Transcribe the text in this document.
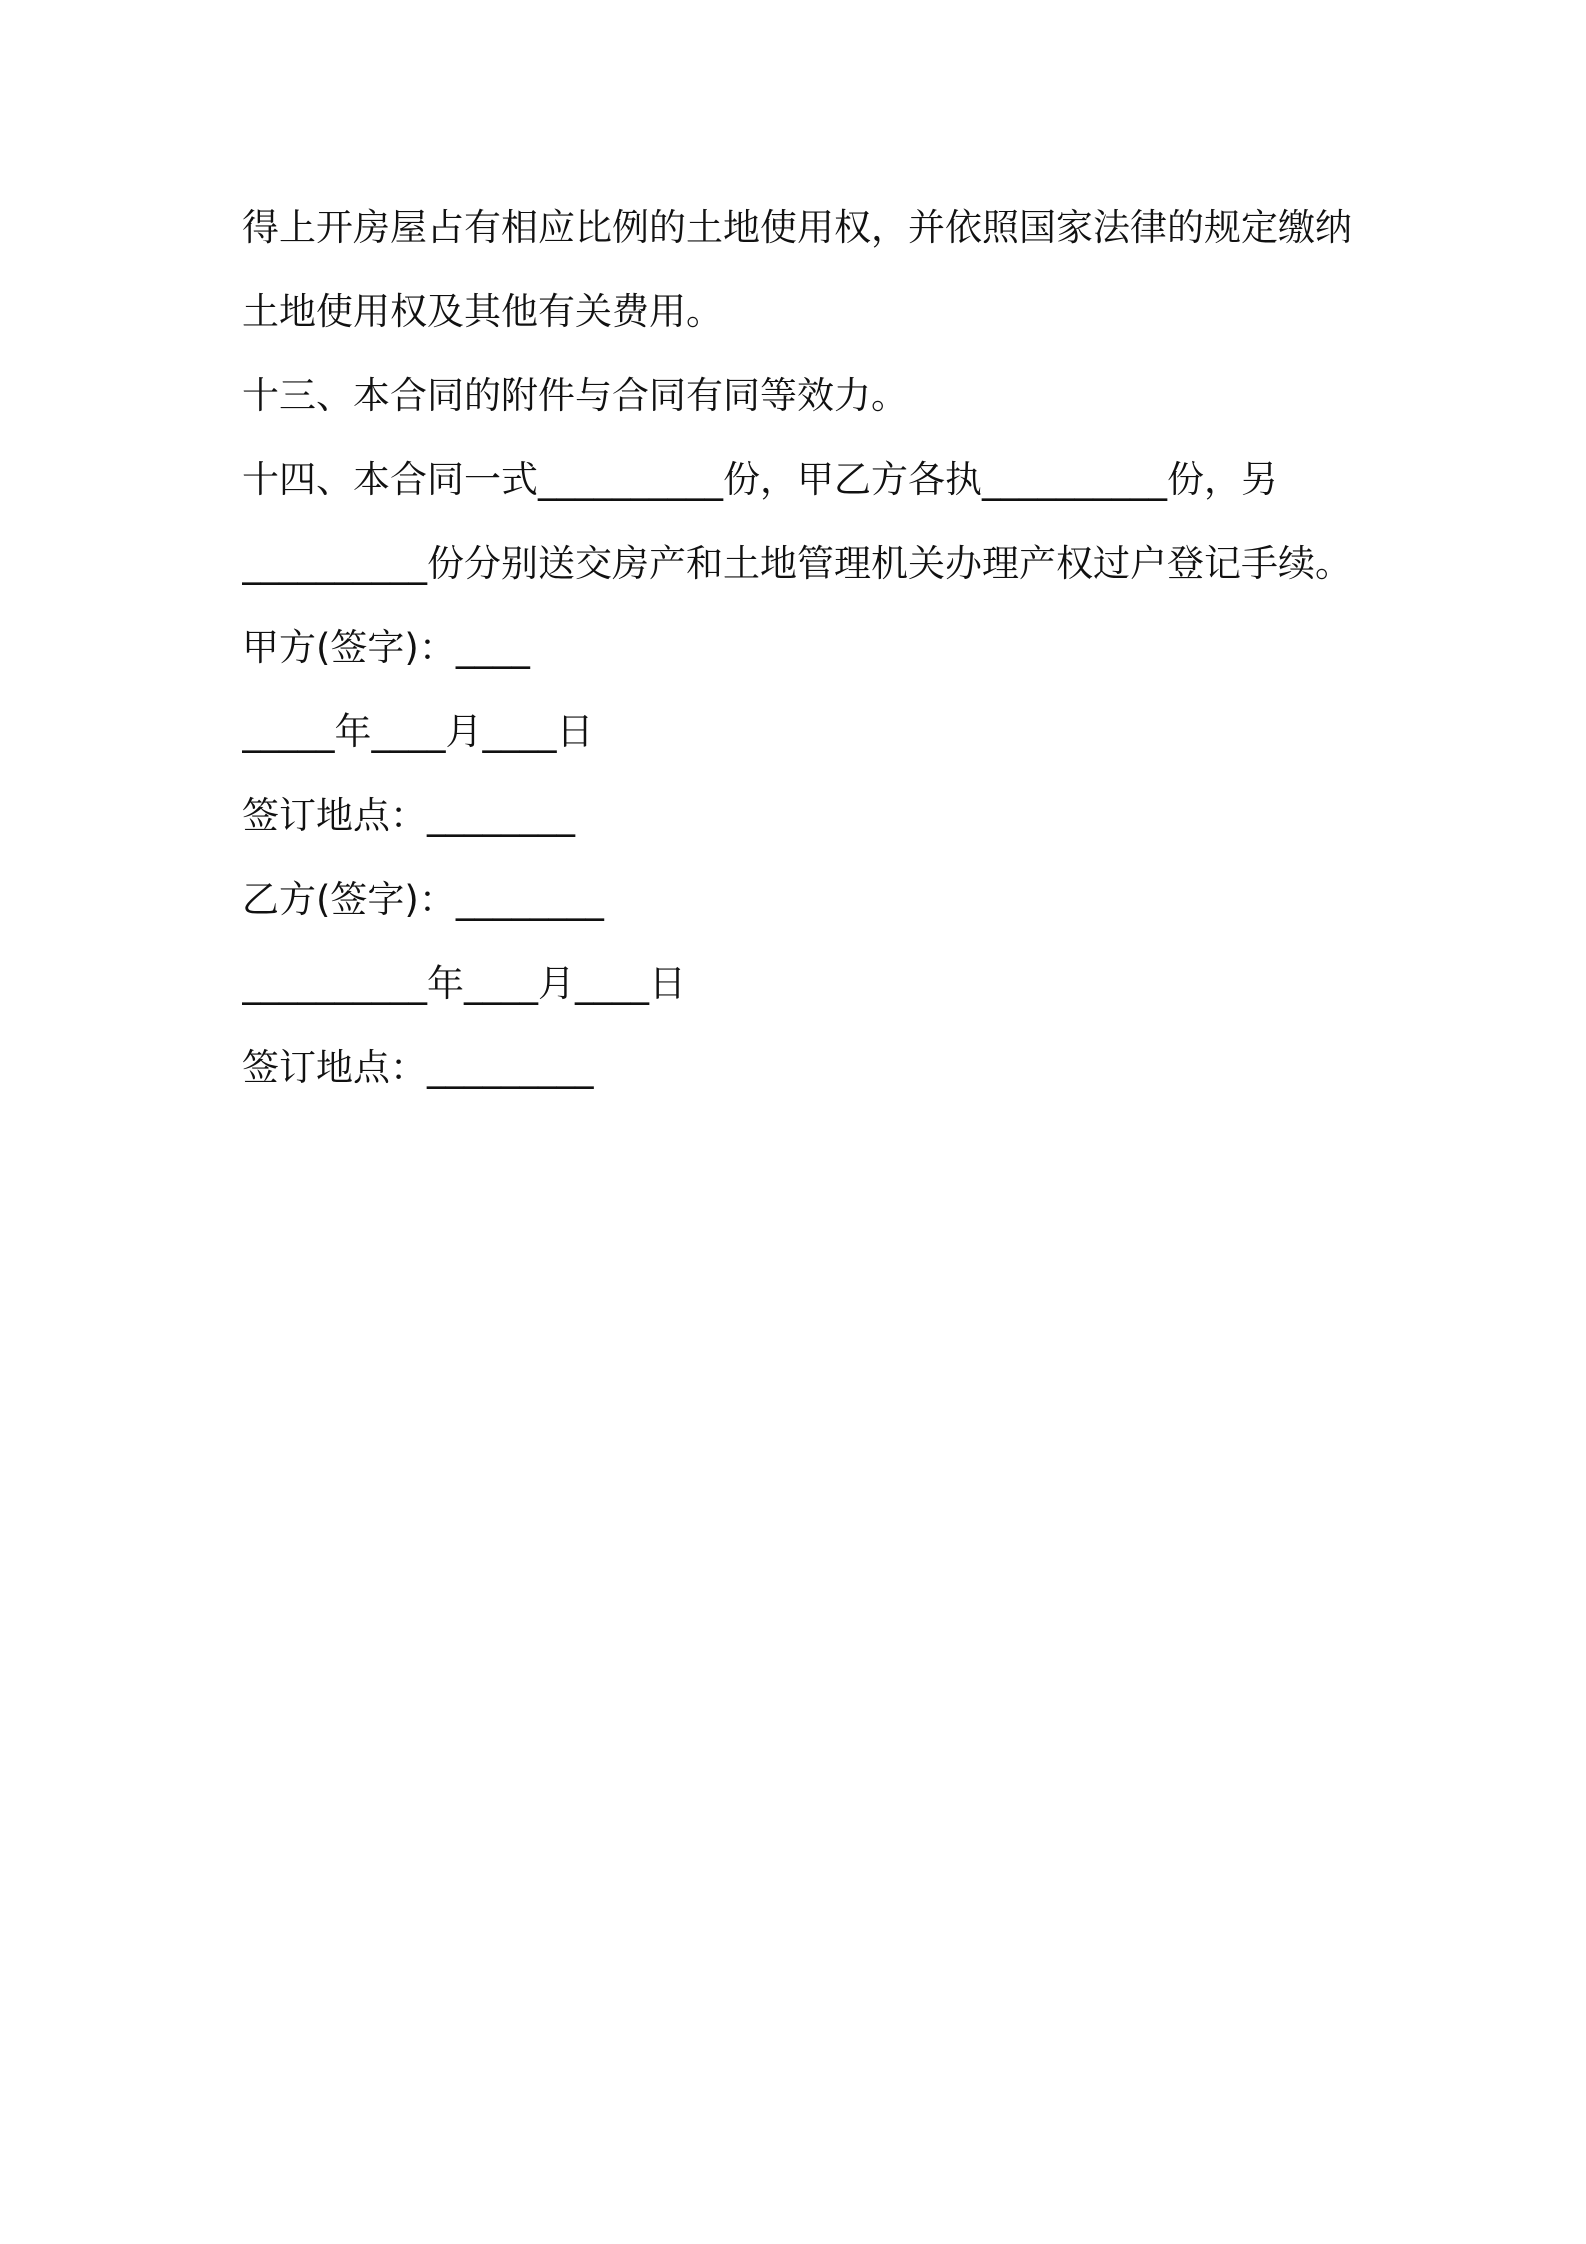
得上开房屋占有相应比例的土地使用权，并依照国家法律的规定缴纳
土地使用权及其他有关费用。
十三、本合同的附件与合同有同等效力。
十四、本合同一式__________份，甲乙方各执__________份，另
__________份分别送交房产和土地管理机关办理产权过户登记手续。
甲方(签字)：____
_____年____月____日
签订地点：________
乙方(签字)：________
__________年____月____日
签订地点：_________
